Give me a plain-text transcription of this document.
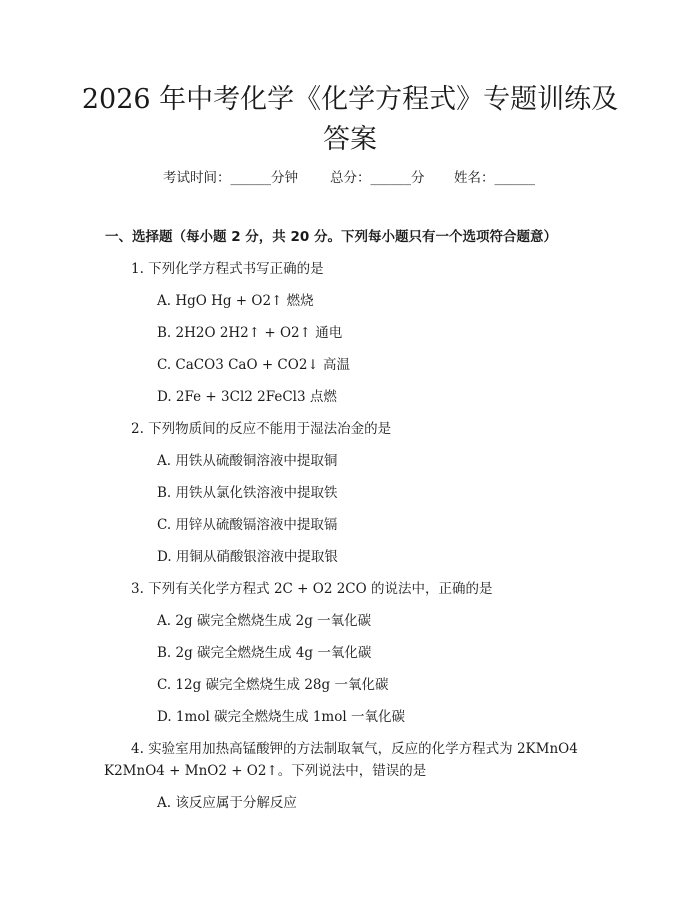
2026 年中考化学《化学方程式》专题训练及
答案
考试时间：______分钟 总分：______分 姓名：______
一、选择题（每小题 2 分，共 20 分。下列每小题只有一个选项符合题意）
1. 下列化学方程式书写正确的是
A. HgO Hg + O2↑ 燃烧
B. 2H2O 2H2↑ + O2↑ 通电
C. CaCO3 CaO + CO2↓ 高温
D. 2Fe + 3Cl2 2FeCl3 点燃
2. 下列物质间的反应不能用于湿法冶金的是
A. 用铁从硫酸铜溶液中提取铜
B. 用铁从氯化铁溶液中提取铁
C. 用锌从硫酸镉溶液中提取镉
D. 用铜从硝酸银溶液中提取银
3. 下列有关化学方程式 2C + O2 2CO 的说法中，正确的是
A. 2g 碳完全燃烧生成 2g 一氧化碳
B. 2g 碳完全燃烧生成 4g 一氧化碳
C. 12g 碳完全燃烧生成 28g 一氧化碳
D. 1mol 碳完全燃烧生成 1mol 一氧化碳
4. 实验室用加热高锰酸钾的方法制取氧气，反应的化学方程式为 2KMnO4 K2MnO4 + MnO2 + O2↑。下列说法中，错误的是
A. 该反应属于分解反应
